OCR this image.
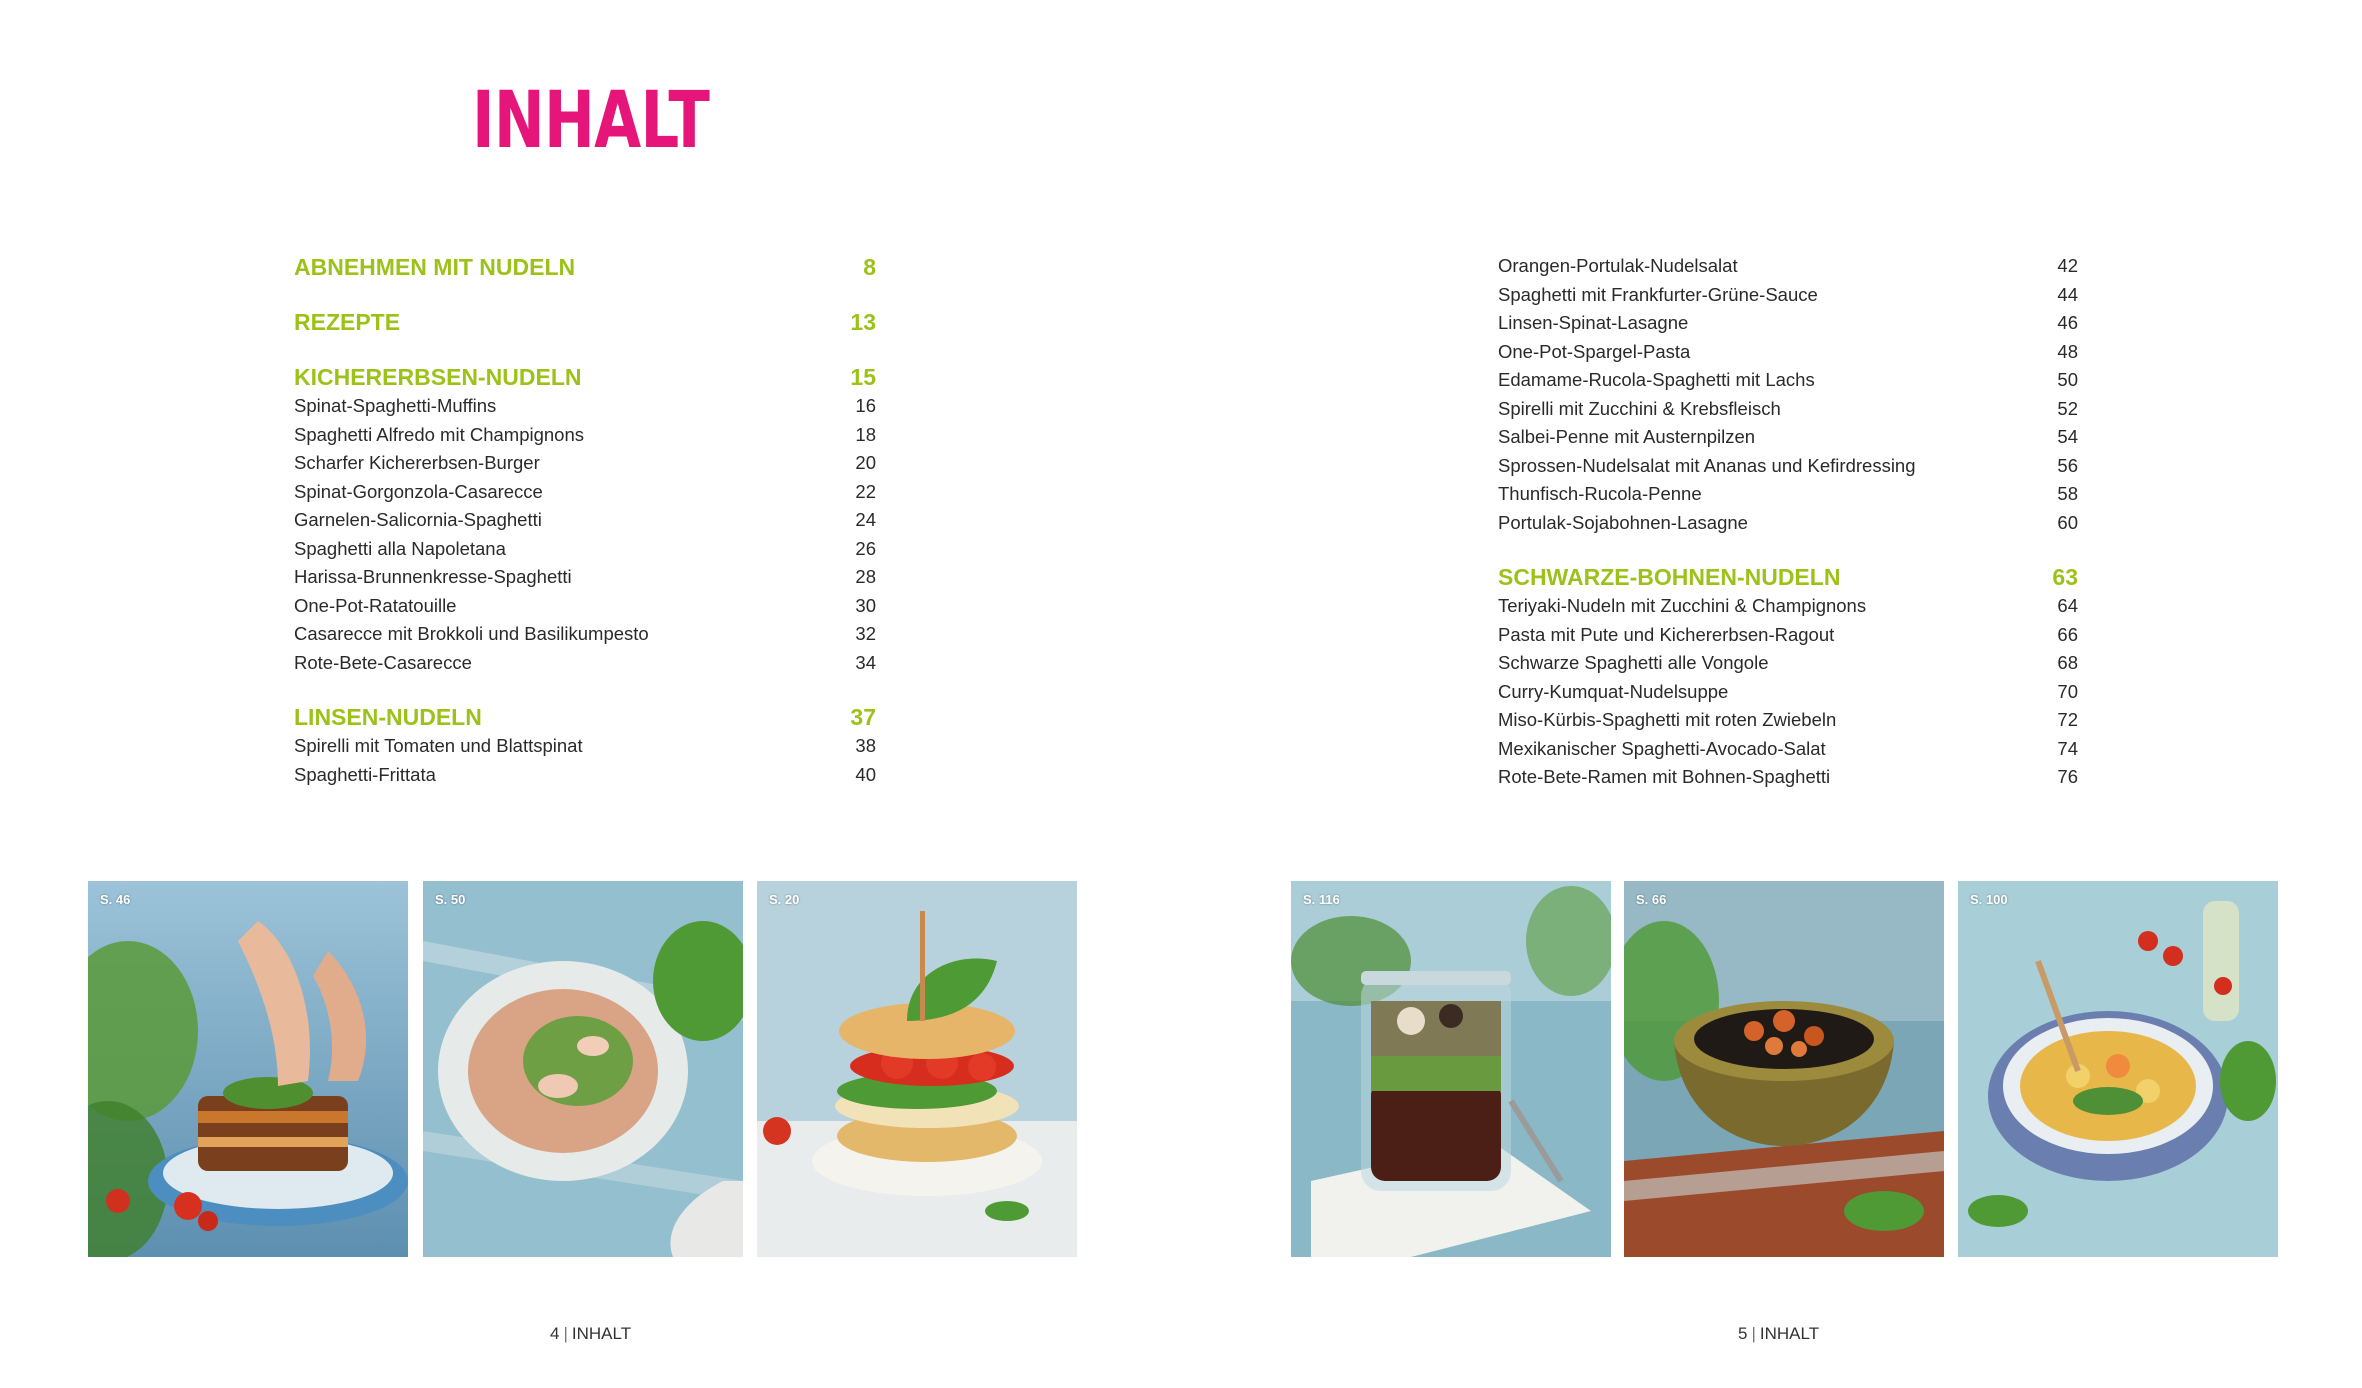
INHALT
ABNEHMEN MIT NUDELN	8
REZEPTE	13
KICHERERBSEN-NUDELN	15
Spinat-Spaghetti-Muffins	16
Spaghetti Alfredo mit Champignons	18
Scharfer Kichererbsen-Burger	20
Spinat-Gorgonzola-Casarecce	22
Garnelen-Salicornia-Spaghetti	24
Spaghetti alla Napoletana	26
Harissa-Brunnenkresse-Spaghetti	28
One-Pot-Ratatouille	30
Casarecce mit Brokkoli und Basilikumpesto	32
Rote-Bete-Casarecce	34
LINSEN-NUDELN	37
Spirelli mit Tomaten und Blattspinat	38
Spaghetti-Frittata	40
Orangen-Portulak-Nudelsalat	42
Spaghetti mit Frankfurter-Grüne-Sauce	44
Linsen-Spinat-Lasagne	46
One-Pot-Spargel-Pasta	48
Edamame-Rucola-Spaghetti mit Lachs	50
Spirelli mit Zucchini & Krebsfleisch	52
Salbei-Penne mit Austernpilzen	54
Sprossen-Nudelsalat mit Ananas und Kefirdressing	56
Thunfisch-Rucola-Penne	58
Portulak-Sojabohnen-Lasagne	60
SCHWARZE-BOHNEN-NUDELN	63
Teriyaki-Nudeln mit Zucchini & Champignons	64
Pasta mit Pute und Kichererbsen-Ragout	66
Schwarze Spaghetti alle Vongole	68
Curry-Kumquat-Nudelsuppe	70
Miso-Kürbis-Spaghetti mit roten Zwiebeln	72
Mexikanischer Spaghetti-Avocado-Salat	74
Rote-Bete-Ramen mit Bohnen-Spaghetti	76
S. 46	S. 50	S. 20	S. 116	S. 66	S. 100
4 | INHALT	5 | INHALT
